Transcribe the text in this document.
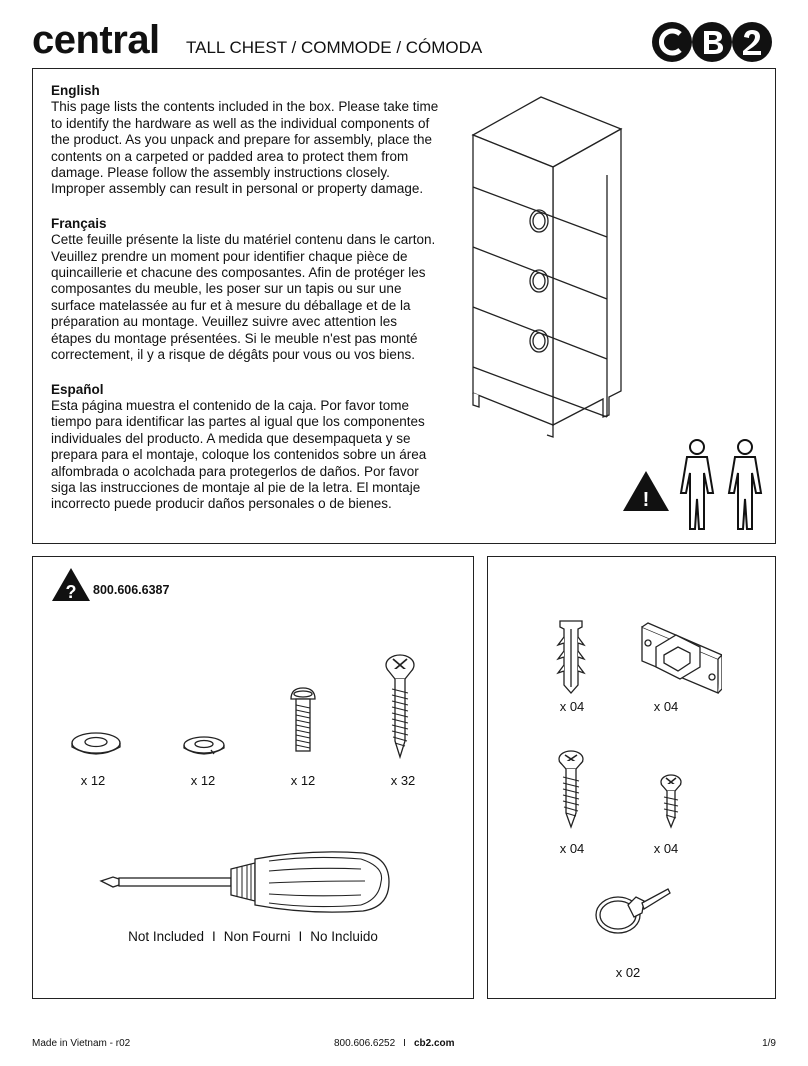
central TALL CHEST / COMMODE / CÓMODA
English

This page lists the contents included in the box. Please take time to identify the hardware as well as the individual components of the product. As you unpack and prepare for assembly, place the contents on a carpeted or padded area to protect them from damage. Please follow the assembly instructions closely. Improper assembly can result in personal or property damage.

Français

Cette feuille présente la liste du matériel contenu dans le carton. Veuillez prendre un moment pour identifier chaque pièce de quincaillerie et chacune des composantes. Afin de protéger les composantes du meuble, les poser sur un tapis ou sur une surface matelassée au fur et à mesure du déballage et de la préparation au montage. Veuillez suivre avec attention les étapes du montage présentées. Si le meuble n'est pas monté correctement, il y a risque de dégâts pour vous ou vos biens.

Español

Esta página muestra el contenido de la caja. Por favor tome tiempo para identificar las partes al igual que los componentes individuales del producto. A medida que desempaqueta y se prepara para el montaje, coloque los contenidos sobre un área alfombrada o acolchada para protegerlos de daños. Por favor siga las instrucciones de montaje al pie de la letra. El montaje incorrecto puede producir daños personales o de bienes.	!
? 800.606.6387
x 12	x 12	x 12	x 32
Not Included I Non Fourni I No Incluido
x 04	x 04
x 04	x 04
x 02
Made in Vietnam - r02	800.606.6252 I cb2.com	1/9
